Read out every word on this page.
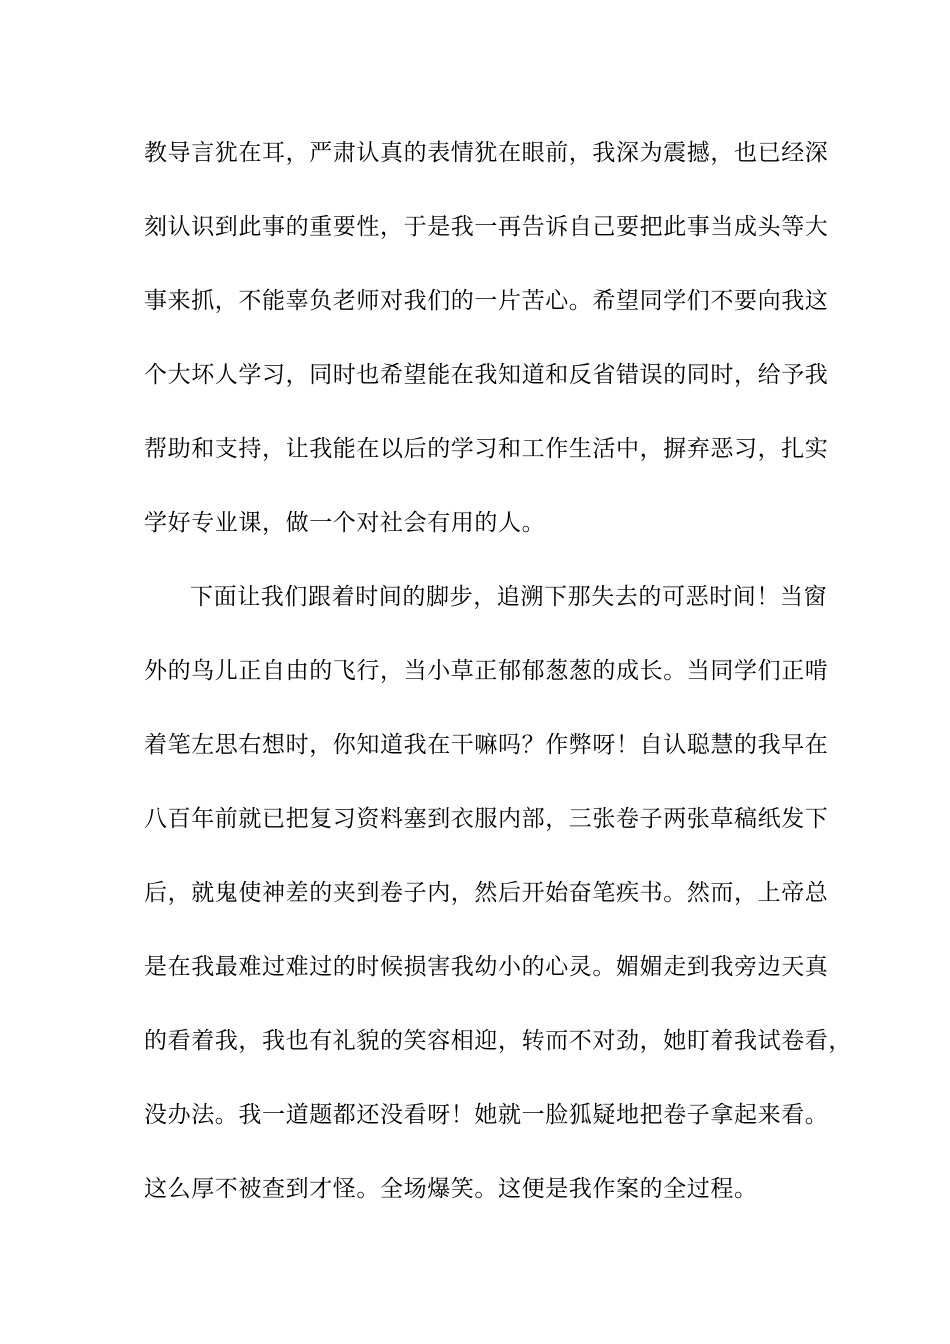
教导言犹在耳，严肃认真的表情犹在眼前，我深为震撼，也已经深
刻认识到此事的重要性，于是我一再告诉自己要把此事当成头等大
事来抓，不能辜负老师对我们的一片苦心。希望同学们不要向我这
个大坏人学习，同时也希望能在我知道和反省错误的同时，给予我
帮助和支持，让我能在以后的学习和工作生活中，摒弃恶习，扎实
学好专业课，做一个对社会有用的人。
下面让我们跟着时间的脚步，追溯下那失去的可恶时间！当窗
外的鸟儿正自由的飞行，当小草正郁郁葱葱的成长。当同学们正啃
着笔左思右想时，你知道我在干嘛吗？作弊呀！自认聪慧的我早在
八百年前就已把复习资料塞到衣服内部，三张卷子两张草稿纸发下
后，就鬼使神差的夹到卷子内，然后开始奋笔疾书。然而，上帝总
是在我最难过难过的时候损害我幼小的心灵。媚媚走到我旁边天真
的看着我，我也有礼貌的笑容相迎，转而不对劲，她盯着我试卷看，
没办法。我一道题都还没看呀！她就一脸狐疑地把卷子拿起来看。
这么厚不被查到才怪。全场爆笑。这便是我作案的全过程。
